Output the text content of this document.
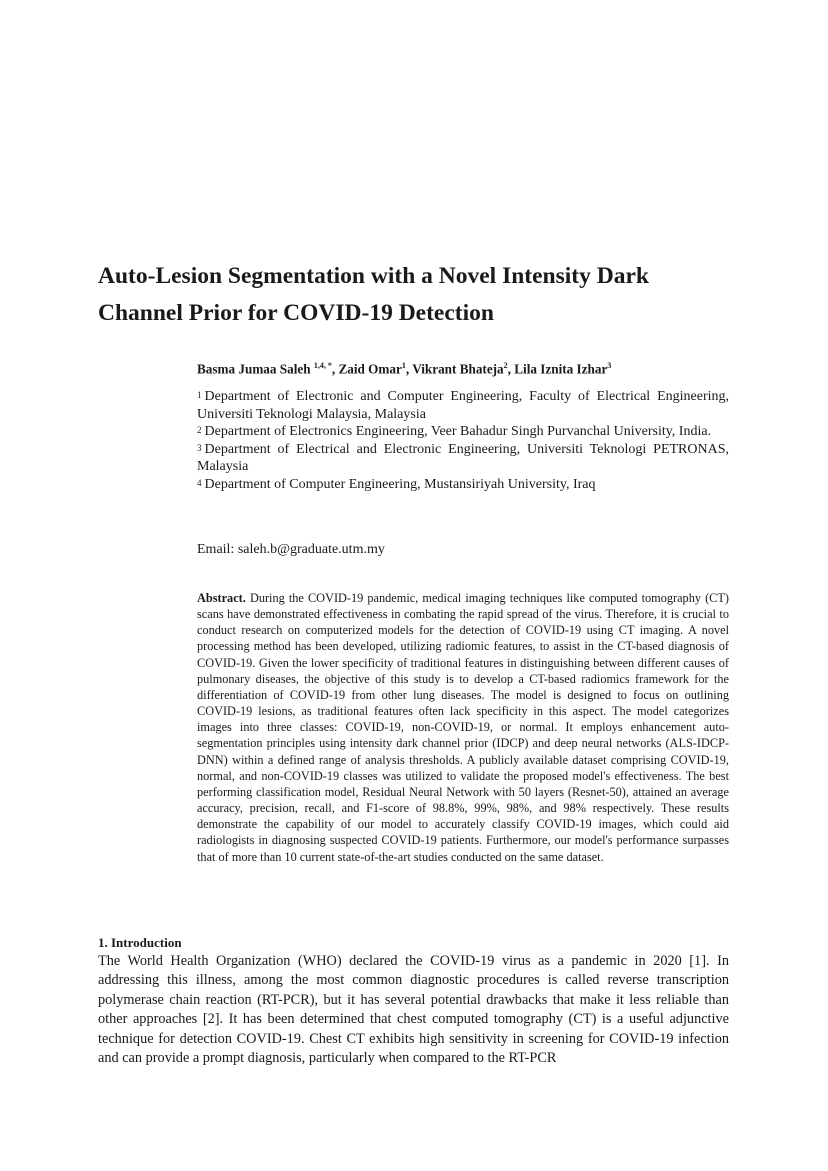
Auto-Lesion Segmentation with a Novel Intensity Dark Channel Prior for COVID-19 Detection

Basma Jumaa Saleh $^{1,4, *}$, Zaid Omar$^1$, Vikrant Bhateja$^2$, Lila Iznita Izhar$^3$

$^1$ Department of Electronic and Computer Engineering, Faculty of Electrical Engineering, Universiti Teknologi Malaysia, Malaysia

$^2$ Department of Electronics Engineering, Veer Bahadur Singh Purvanchal University, India.

$^3$ Department of Electrical and Electronic Engineering, Universiti Teknologi PETRONAS, Malaysia

$^4$ Department of Computer Engineering, Mustansiriyah University, Iraq

Email: saleh.b@graduate.utm.my

Abstract. During the COVID-19 pandemic, medical imaging techniques like computed tomography (CT) scans have demonstrated effectiveness in combating the rapid spread of the virus. Therefore, it is crucial to conduct research on computerized models for the detection of COVID-19 using CT imaging. A novel processing method has been developed, utilizing radiomic features, to assist in the CT-based diagnosis of COVID-19. Given the lower specificity of traditional features in distinguishing between different causes of pulmonary diseases, the objective of this study is to develop a CT-based radiomics framework for the differentiation of COVID-19 from other lung diseases. The model is designed to focus on outlining COVID-19 lesions, as traditional features often lack specificity in this aspect. The model categorizes images into three classes: COVID-19, non-COVID-19, or normal. It employs enhancement auto-segmentation principles using intensity dark channel prior (IDCP) and deep neural networks (ALS-IDCP-DNN) within a defined range of analysis thresholds. A publicly available dataset comprising COVID-19, normal, and non-COVID-19 classes was utilized to validate the proposed model's effectiveness. The best performing classification model, Residual Neural Network with 50 layers (Resnet-50), attained an average accuracy, precision, recall, and F1-score of 98.8%, 99%, 98%, and 98% respectively. These results demonstrate the capability of our model to accurately classify COVID-19 images, which could aid radiologists in diagnosing suspected COVID-19 patients. Furthermore, our model's performance surpasses that of more than 10 current state-of-the-art studies conducted on the same dataset.

1. Introduction

The World Health Organization (WHO) declared the COVID-19 virus as a pandemic in 2020 [1]. In addressing this illness, among the most common diagnostic procedures is called reverse transcription polymerase chain reaction (RT-PCR), but it has several potential drawbacks that make it less reliable than other approaches [2]. It has been determined that chest computed tomography (CT) is a useful adjunctive technique for detection COVID-19. Chest CT exhibits high sensitivity in screening for COVID-19 infection and can provide a prompt diagnosis, particularly when compared to the RT-PCR
